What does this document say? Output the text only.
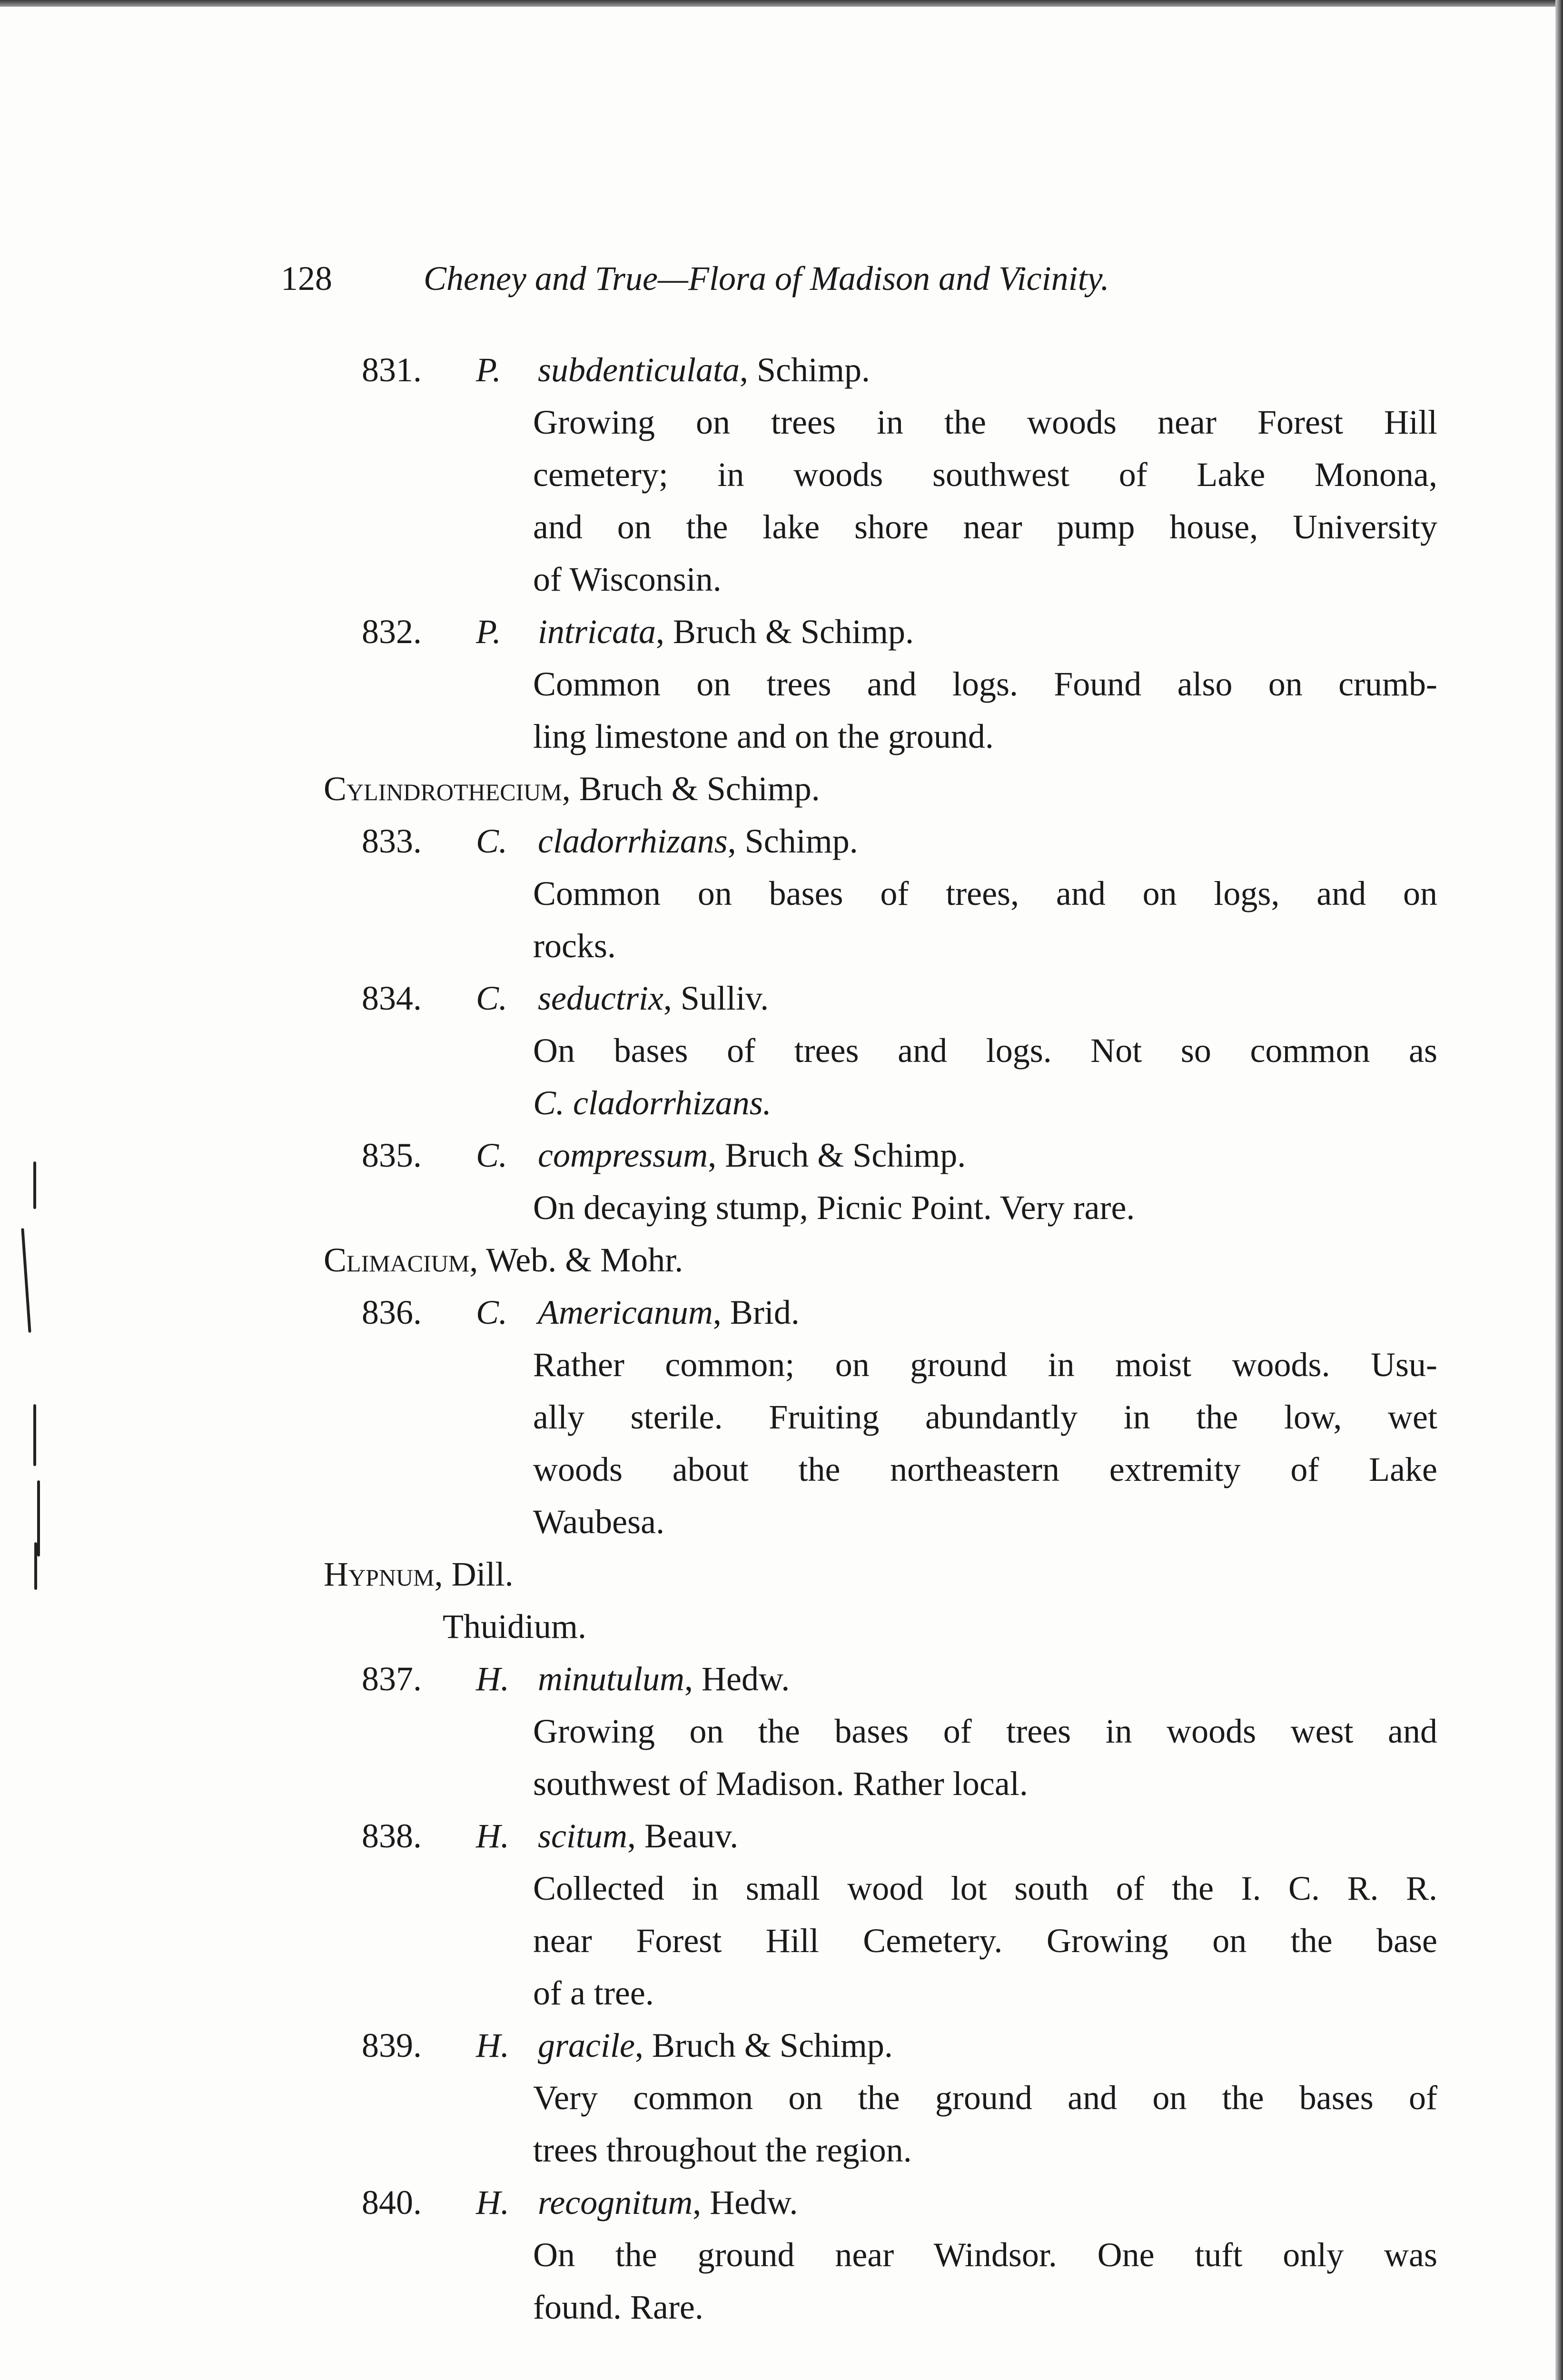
128	Cheney and True—Flora of Madison and Vicinity.
831. P. subdenticulata, Schimp.
Growing on trees in the woods near Forest Hill
cemetery; in woods southwest of Lake Monona,
and on the lake shore near pump house, University
of Wisconsin.
832. P. intricata, Bruch & Schimp.
Common on trees and logs. Found also on crumb-
ling limestone and on the ground.
Cylindrothecium, Bruch & Schimp.
833. C. cladorrhizans, Schimp.
Common on bases of trees, and on logs, and on
rocks.
834. C. seductrix, Sulliv.
On bases of trees and logs. Not so common as
C. cladorrhizans.
835. C. compressum, Bruch & Schimp.
On decaying stump, Picnic Point. Very rare.
Climacium, Web. & Mohr.
836. C. Americanum, Brid.
Rather common; on ground in moist woods. Usu-
ally sterile. Fruiting abundantly in the low, wet
woods about the northeastern extremity of Lake
Waubesa.
Hypnum, Dill.
Thuidium.
837. H. minutulum, Hedw.
Growing on the bases of trees in woods west and
southwest of Madison. Rather local.
838. H. scitum, Beauv.
Collected in small wood lot south of the I. C. R. R.
near Forest Hill Cemetery. Growing on the base
of a tree.
839. H. gracile, Bruch & Schimp.
Very common on the ground and on the bases of
trees throughout the region.
840. H. recognitum, Hedw.
On the ground near Windsor. One tuft only was
found. Rare.
